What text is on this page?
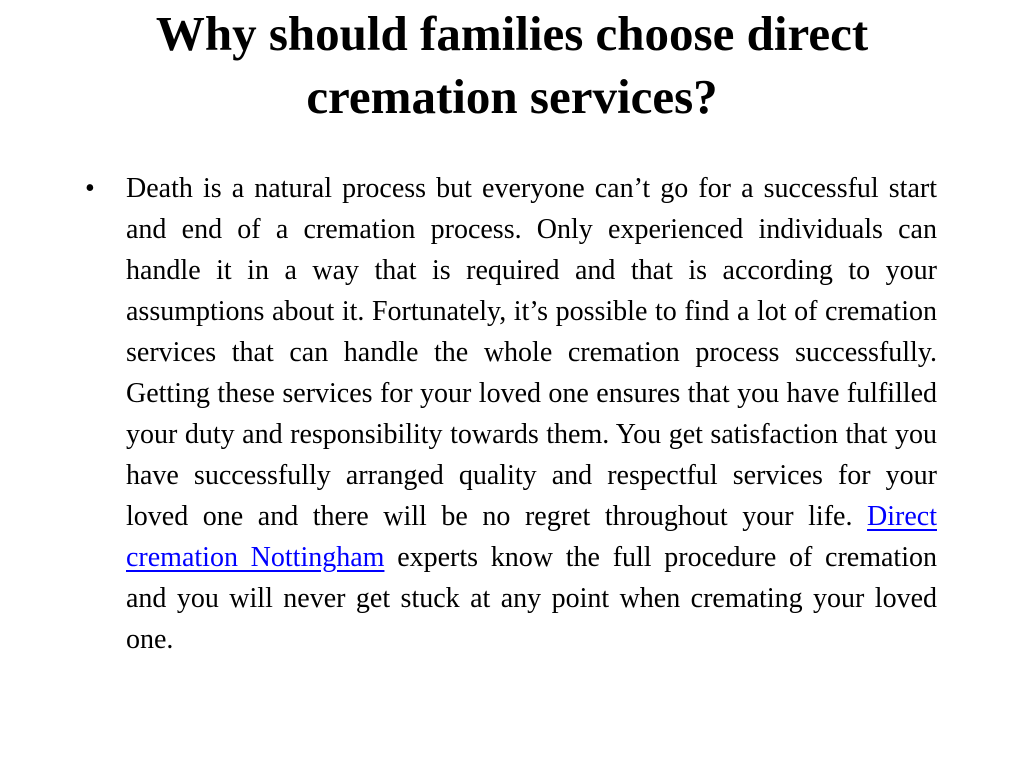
Why should families choose direct cremation services?
•	Death is a natural process but everyone can’t go for a successful start and end of a cremation process. Only experienced individuals can handle it in a way that is required and that is according to your assumptions about it. Fortunately, it’s possible to find a lot of cremation services that can handle the whole cremation process successfully. Getting these services for your loved one ensures that you have fulfilled your duty and responsibility towards them. You get satisfaction that you have successfully arranged quality and respectful services for your loved one and there will be no regret throughout your life. Direct cremation Nottingham experts know the full procedure of cremation and you will never get stuck at any point when cremating your loved one.
